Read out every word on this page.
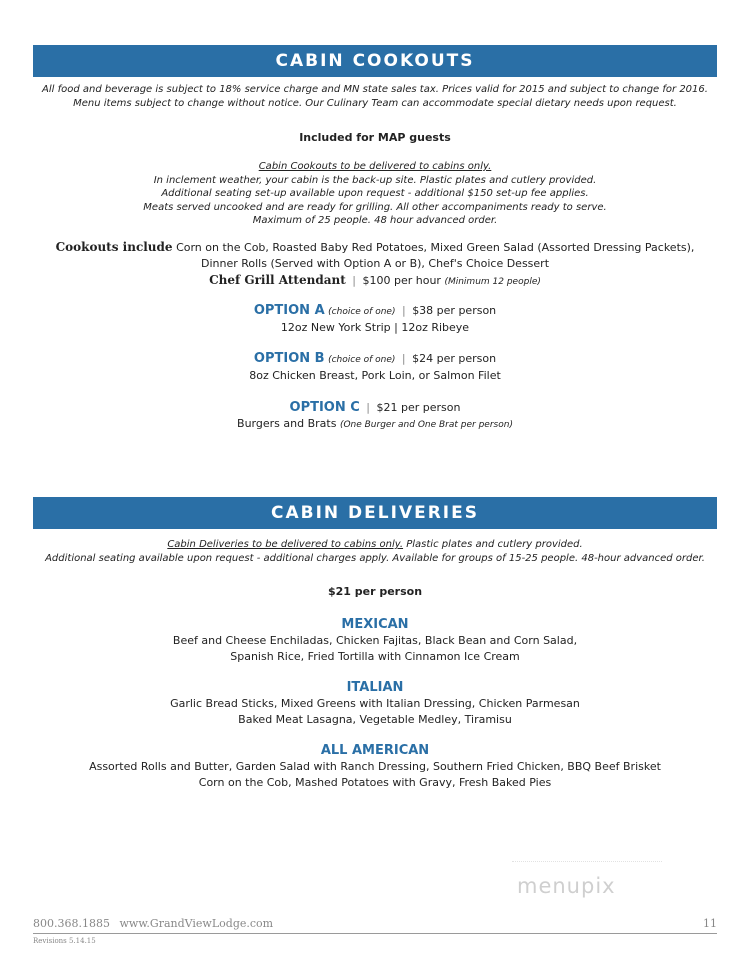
CABIN COOKOUTS
All food and beverage is subject to 18% service charge and MN state sales tax. Prices valid for 2015 and subject to change for 2016.
Menu items subject to change without notice. Our Culinary Team can accommodate special dietary needs upon request.
Included for MAP guests
Cabin Cookouts to be delivered to cabins only.
In inclement weather, your cabin is the back-up site. Plastic plates and cutlery provided.
Additional seating set-up available upon request - additional $150 set-up fee applies.
Meats served uncooked and are ready for grilling. All other accompaniments ready to serve.
Maximum of 25 people. 48 hour advanced order.
Cookouts include Corn on the Cob, Roasted Baby Red Potatoes, Mixed Green Salad (Assorted Dressing Packets),
Dinner Rolls (Served with Option A or B), Chef's Choice Dessert
Chef Grill Attendant | $100 per hour (Minimum 12 people)
OPTION A (choice of one) | $38 per person
12oz New York Strip | 12oz Ribeye
OPTION B (choice of one) | $24 per person
8oz Chicken Breast, Pork Loin, or Salmon Filet
OPTION C | $21 per person
Burgers and Brats (One Burger and One Brat per person)
CABIN DELIVERIES
Cabin Deliveries to be delivered to cabins only. Plastic plates and cutlery provided.
Additional seating available upon request - additional charges apply. Available for groups of 15-25 people. 48-hour advanced order.
$21 per person
MEXICAN
Beef and Cheese Enchiladas, Chicken Fajitas, Black Bean and Corn Salad,
Spanish Rice, Fried Tortilla with Cinnamon Ice Cream
ITALIAN
Garlic Bread Sticks, Mixed Greens with Italian Dressing, Chicken Parmesan
Baked Meat Lasagna, Vegetable Medley, Tiramisu
ALL AMERICAN
Assorted Rolls and Butter, Garden Salad with Ranch Dressing, Southern Fried Chicken, BBQ Beef Brisket
Corn on the Cob, Mashed Potatoes with Gravy, Fresh Baked Pies
menupix
800.368.1885 www.GrandViewLodge.com	11
Revisions 5.14.15
